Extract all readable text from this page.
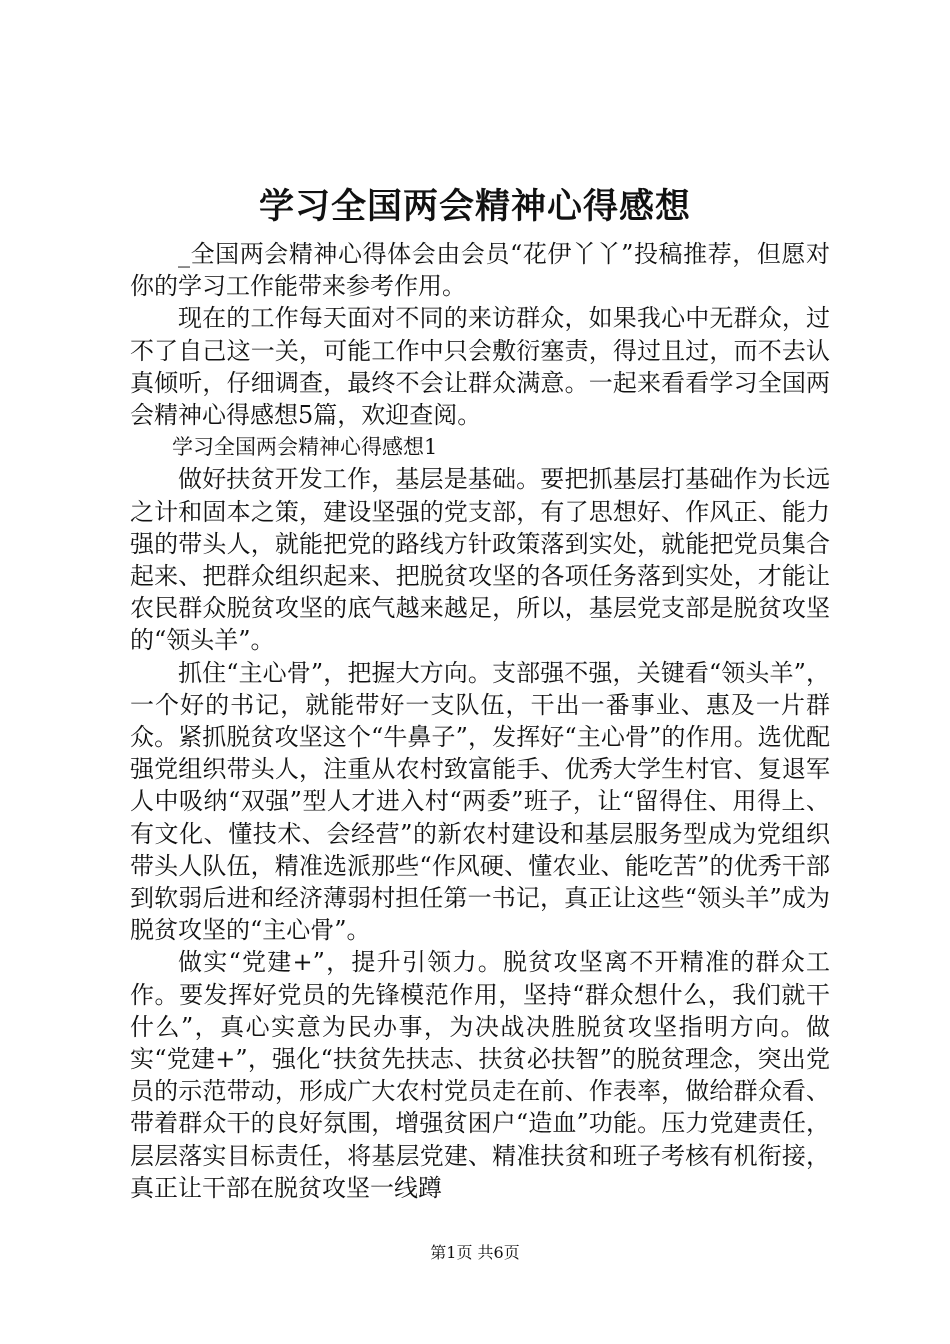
学习全国两会精神心得感想

_全国两会精神心得体会由会员“花伊丫丫”投稿推荐，但愿对你的学习工作能带来参考作用。

现在的工作每天面对不同的来访群众，如果我心中无群众，过不了自己这一关，可能工作中只会敷衍塞责，得过且过，而不去认真倾听，仔细调查，最终不会让群众满意。一起来看看学习全国两会精神心得感想5篇，欢迎查阅。

学习全国两会精神心得感想1

做好扶贫开发工作，基层是基础。要把抓基层打基础作为长远之计和固本之策，建设坚强的党支部，有了思想好、作风正、能力强的带头人，就能把党的路线方针政策落到实处，就能把党员集合起来、把群众组织起来、把脱贫攻坚的各项任务落到实处，才能让农民群众脱贫攻坚的底气越来越足，所以，基层党支部是脱贫攻坚的“领头羊”。

抓住“主心骨”，把握大方向。支部强不强，关键看“领头羊”，一个好的书记，就能带好一支队伍，干出一番事业、惠及一片群众。紧抓脱贫攻坚这个“牛鼻子”，发挥好“主心骨”的作用。选优配强党组织带头人，注重从农村致富能手、优秀大学生村官、复退军人中吸纳“双强”型人才进入村“两委”班子，让“留得住、用得上、有文化、懂技术、会经营”的新农村建设和基层服务型成为党组织带头人队伍，精准选派那些“作风硬、懂农业、能吃苦”的优秀干部到软弱后进和经济薄弱村担任第一书记，真正让这些“领头羊”成为脱贫攻坚的“主心骨”。

做实“党建+”，提升引领力。脱贫攻坚离不开精准的群众工作。要发挥好党员的先锋模范作用，坚持“群众想什么，我们就干什么”，真心实意为民办事，为决战决胜脱贫攻坚指明方向。做实“党建+”，强化“扶贫先扶志、扶贫必扶智”的脱贫理念，突出党员的示范带动，形成广大农村党员走在前、作表率，做给群众看、带着群众干的良好氛围，增强贫困户“造血”功能。压力党建责任，层层落实目标责任，将基层党建、精准扶贫和班子考核有机衔接，真正让干部在脱贫攻坚一线蹲

第1页 共6页
